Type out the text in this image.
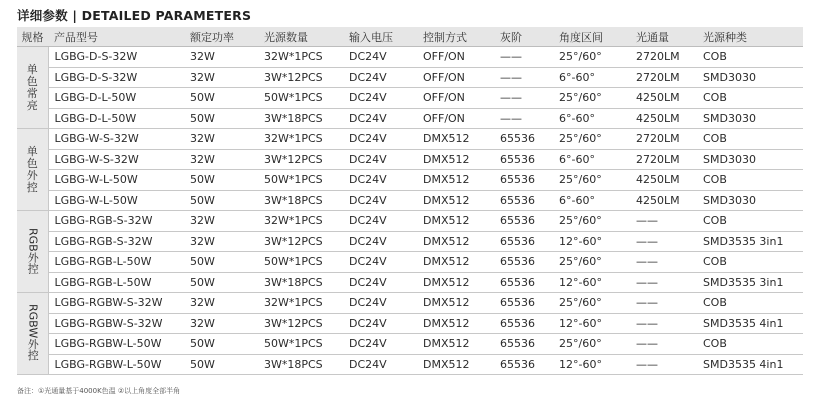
详细参数 | DETAILED PARAMETERS
规格	产品型号	额定功率	光源数量	输入电压	控制方式	灰阶	角度区间	光通量	光源种类
单色常亮	LGBG-D-S-32W	32W	32W*1PCS	DC24V	OFF/ON	——	25°/60°	2720LM	COB
	LGBG-D-S-32W	32W	3W*12PCS	DC24V	OFF/ON	——	6°-60°	2720LM	SMD3030
	LGBG-D-L-50W	50W	50W*1PCS	DC24V	OFF/ON	——	25°/60°	4250LM	COB
	LGBG-D-L-50W	50W	3W*18PCS	DC24V	OFF/ON	——	6°-60°	4250LM	SMD3030
单色外控	LGBG-W-S-32W	32W	32W*1PCS	DC24V	DMX512	65536	25°/60°	2720LM	COB
	LGBG-W-S-32W	32W	3W*12PCS	DC24V	DMX512	65536	6°-60°	2720LM	SMD3030
	LGBG-W-L-50W	50W	50W*1PCS	DC24V	DMX512	65536	25°/60°	4250LM	COB
	LGBG-W-L-50W	50W	3W*18PCS	DC24V	DMX512	65536	6°-60°	4250LM	SMD3030
RGB外控	LGBG-RGB-S-32W	32W	32W*1PCS	DC24V	DMX512	65536	25°/60°	——	COB
	LGBG-RGB-S-32W	32W	3W*12PCS	DC24V	DMX512	65536	12°-60°	——	SMD3535 3in1
	LGBG-RGB-L-50W	50W	50W*1PCS	DC24V	DMX512	65536	25°/60°	——	COB
	LGBG-RGB-L-50W	50W	3W*18PCS	DC24V	DMX512	65536	12°-60°	——	SMD3535 3in1
RGBW外控	LGBG-RGBW-S-32W	32W	32W*1PCS	DC24V	DMX512	65536	25°/60°	——	COB
	LGBG-RGBW-S-32W	32W	3W*12PCS	DC24V	DMX512	65536	12°-60°	——	SMD3535 4in1
	LGBG-RGBW-L-50W	50W	50W*1PCS	DC24V	DMX512	65536	25°/60°	——	COB
	LGBG-RGBW-L-50W	50W	3W*18PCS	DC24V	DMX512	65536	12°-60°	——	SMD3535 4in1
备注：①光通量基于4000K色温 ②以上角度全部半角
